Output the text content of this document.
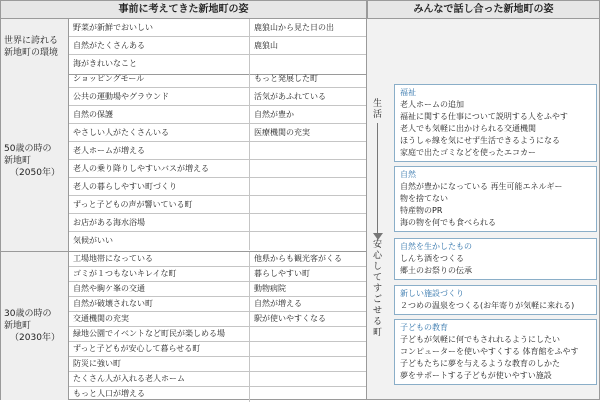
事前に考えてきた新地町の姿	みんなで話し合った新地町の姿
世界に誇れる
新地町の環境
野菜が新鮮でおいしい	鹿狼山から見た日の出
自然がたくさんある	鹿狼山
海がきれいなこと
50歳の時の
新地町

（2050年）
ショッピングモール	もっと発展した町
公共の運動場やグラウンド	活気があふれている
自然の保護	自然が豊か
やさしい人がたくさんいる	医療機関の充実
老人ホームが増える
老人の乗り降りしやすいバスが増える
老人の暮らしやすい町づくり
ずっと子どもの声が響いている町
お店がある海水浴場
気候がいい
30歳の時の
新地町

（2030年）
工場地帯になっている	他県からも観光客がくる
ゴミが１つもないキレイな町	暮らしやすい町
自然や駒ケ峯の交通	動物病院
自然が破壊されない町	自然が増える
交通機関の充実	駅が使いやすくなる
緑地公園でイベントなど町民が楽しめる場
ずっと子どもが安心して暮らせる町
防災に強い町
たくさん人が入れる老人ホーム
もっと人口が増える
生活
安心してすごせる町
福祉
老人ホームの追加
福祉に関する仕事について説明する人をふやす
老人でも気軽に出かけられる交通機関
ほうしゃ線を気にせず生活できるようになる
家庭で出たゴミなどを使ったエコカー
自然
自然が豊かになっている 再生可能エネルギー
物を捨てない
特産物のPR
海の物を何でも食べられる
自然を生かしたもの
しんち酒をつくる
郷土のお祭りの伝承
新しい施設づくり
２つめの温泉をつくる(お年寄りが気軽に来れる)
子どもの教育
子どもが気軽に何でもされれるようにしたい
コンピューターを使いやすくする 体育館をふやす
子どもたちに夢を与えるような教育のしかた
夢をサポートする子どもが使いやすい施設
